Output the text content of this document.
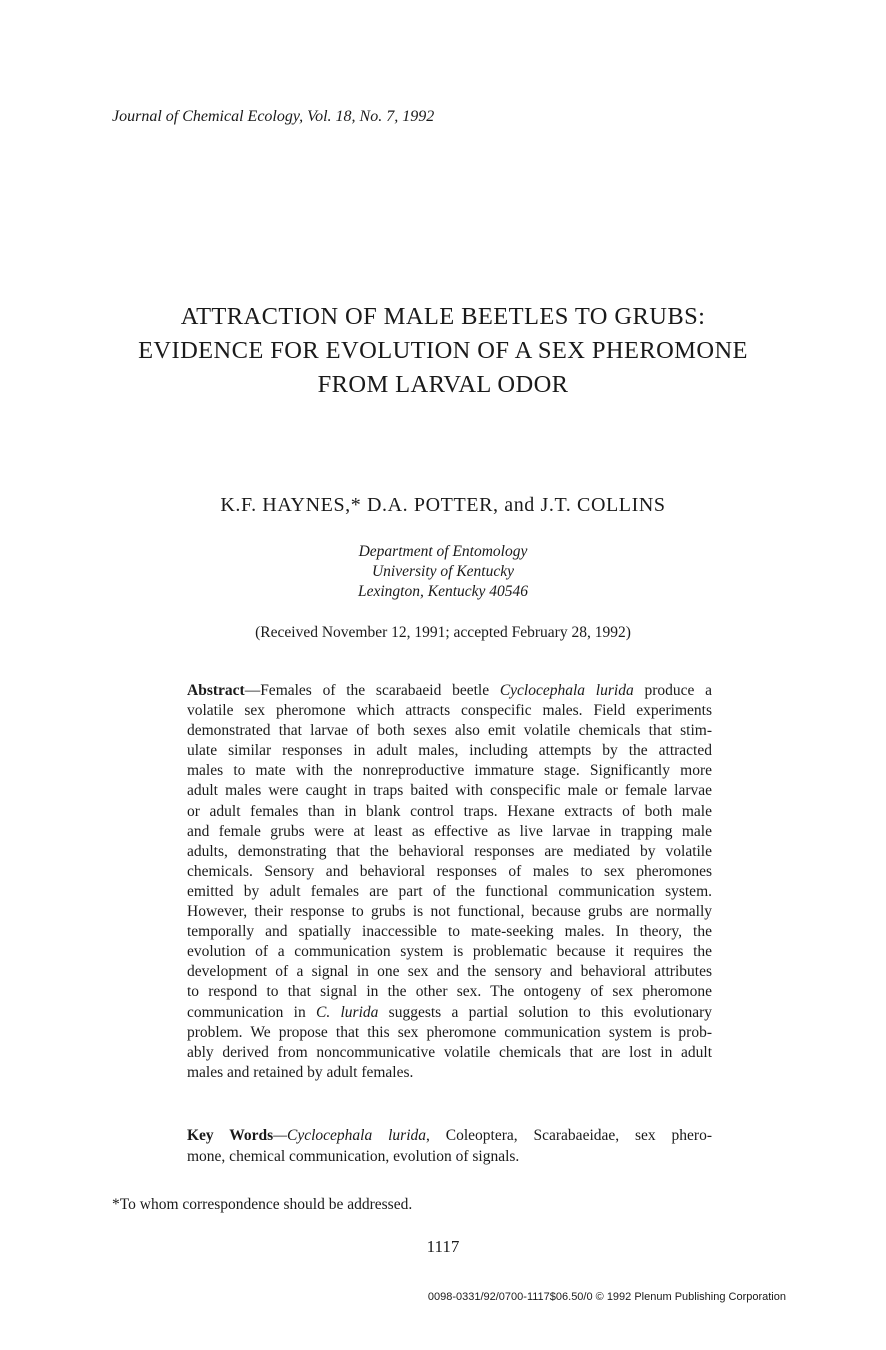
Journal of Chemical Ecology, Vol. 18, No. 7, 1992
ATTRACTION OF MALE BEETLES TO GRUBS:
EVIDENCE FOR EVOLUTION OF A SEX PHEROMONE
FROM LARVAL ODOR
K.F. HAYNES,* D.A. POTTER, and J.T. COLLINS
Department of Entomology
University of Kentucky
Lexington, Kentucky 40546
(Received November 12, 1991; accepted February 28, 1992)
Abstract—Females of the scarabaeid beetle Cyclocephala lurida produce a
volatile sex pheromone which attracts conspecific males. Field experiments
demonstrated that larvae of both sexes also emit volatile chemicals that stim-
ulate similar responses in adult males, including attempts by the attracted
males to mate with the nonreproductive immature stage. Significantly more
adult males were caught in traps baited with conspecific male or female larvae
or adult females than in blank control traps. Hexane extracts of both male
and female grubs were at least as effective as live larvae in trapping male
adults, demonstrating that the behavioral responses are mediated by volatile
chemicals. Sensory and behavioral responses of males to sex pheromones
emitted by adult females are part of the functional communication system.
However, their response to grubs is not functional, because grubs are normally
temporally and spatially inaccessible to mate-seeking males. In theory, the
evolution of a communication system is problematic because it requires the
development of a signal in one sex and the sensory and behavioral attributes
to respond to that signal in the other sex. The ontogeny of sex pheromone
communication in C. lurida suggests a partial solution to this evolutionary
problem. We propose that this sex pheromone communication system is prob-
ably derived from noncommunicative volatile chemicals that are lost in adult
males and retained by adult females.
Key Words—Cyclocephala lurida, Coleoptera, Scarabaeidae, sex phero-
mone, chemical communication, evolution of signals.
*To whom correspondence should be addressed.
1117
0098-0331/92/0700-1117$06.50/0 © 1992 Plenum Publishing Corporation
